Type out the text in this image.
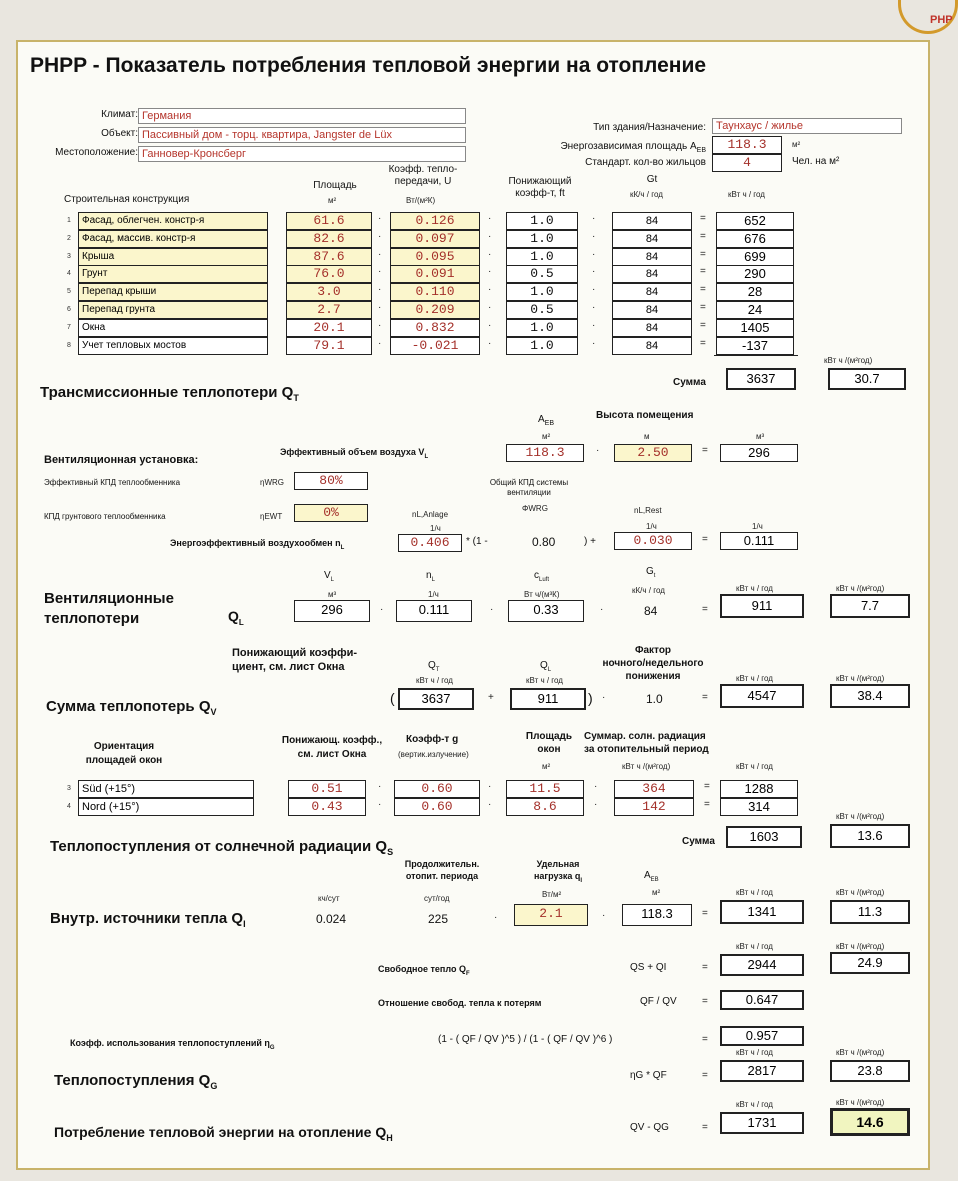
PHP
PHPP - Показатель потребления тепловой энергии на отопление
Климат: Германия
Объект: Пассивный дом - торц. квартира, Jangster de Lüx
Местоположение: Ганновер-Кронсберг
Тип здания/Назначение: Таунхаус / жилье
Энергозависимая площадь $A_{EB}$	118.3	м²
Стандарт. кол-во жильцов	4	Чел. на м²
Строительная конструкция
Площадь
м²
Коэфф. тепло-
передачи, U
Вт/(м²К)
Понижающий
коэфф-т, ft
Gt
кК/ч / год	кВт ч / год
1	Фасад, облегчен. констр-я	61.6	·	0.126	·	1.0	·	84	=	652
2	Фасад, массив. констр-я	82.6	·	0.097	·	1.0	·	84	=	676
3	Крыша	87.6	·	0.095	·	1.0	·	84	=	699
4	Грунт	76.0	·	0.091	·	0.5	·	84	=	290
5	Перепад крыши	3.0	·	0.110	·	1.0	·	84	=	28
6	Перепад грунта	2.7	·	0.209	·	0.5	·	84	=	24
7	Окна	20.1	·	0.832	·	1.0	·	84	=	1405
8	Учет тепловых мостов	79.1	·	-0.021	·	1.0	·	84	=	-137
Сумма	3637
кВт ч /(м²год)
30.7
Трансмиссионные теплопотери $Q_T$
Вентиляционная установка:
Эффективный объем воздуха $V_L$
$A_{EB}$
м²
118.3	·
Высота помещения
м
2.50	=
м³
296
Эффективный КПД теплообменника	ηWRG	80%
КПД грунтового теплообменника	ηEWT	0%	nL,Anlage
1/ч
Общий КПД системы вентиляции
ΦWRG	nL,Rest
1/ч	1/ч
Энергоэффективный воздухообмен $n_L$	0.406	* (1 -	0.80	) +	0.030	=	0.111
Вентиляционные
теплопотери	$Q_L$
$V_L$
м³
296	·
$n_L$
1/ч
0.111	·
$c_{Luft}$
Вт ч/(м³К)
0.33	·
$G_t$
кК/ч / год
84	=
кВт ч / год
911
кВт ч /(м²год)
7.7
Понижающий коэффи-
циент, см. лист Окна	$Q_T$
кВт ч / год
(	3637	+
$Q_L$
кВт ч / год
911	) ·
Фактор
ночного/недельного
понижения
1.0	=
кВт ч / год
4547
кВт ч /(м²год)
38.4
Сумма теплопотерь $Q_V$
Ориентация
площадей окон
Понижающ. коэфф.,
см. лист Окна
Коэфф-т g
(вертик.излучение)
Площадь
окон
м²
Суммар. солн. радиация
за отопительный период
кВт ч /(м²год)	кВт ч / год
3	Süd (+15°)	0.51	·	0.60	·	11.5	·	364	=	1288
4	Nord (+15°)	0.43	·	0.60	·	8.6	·	142	=	314
Сумма	1603
кВт ч /(м²год)
13.6
Теплопоступления от солнечной радиации $Q_S$
кч/сут
0.024
Продолжительн.
отопит. периода
сут/год
225	·
Удельная
нагрузка $q_I$
Вт/м²
2.1	·
$A_{EB}$
м²
118.3	=
кВт ч / год
1341
кВт ч /(м²год)
11.3
Внутр. источники тепла $Q_I$
Свободное тепло $Q_F$
QS + QI	=
кВт ч / год
2944
кВт ч /(м²год)
24.9
Отношение свобод. тепла к потерям	QF / QV	=	0.647
Коэфф. использования теплопоступлений $\eta_G$
(1 - ( QF / QV )^5 ) / (1 - ( QF / QV )^6 )	=	0.957
Теплопоступления $Q_G$
ηG * QF	=
кВт ч / год
2817
кВт ч /(м²год)
23.8
Потребление тепловой энергии на отопление $Q_H$
QV - QG	=
кВт ч / год
1731
кВт ч /(м²год)
14.6
